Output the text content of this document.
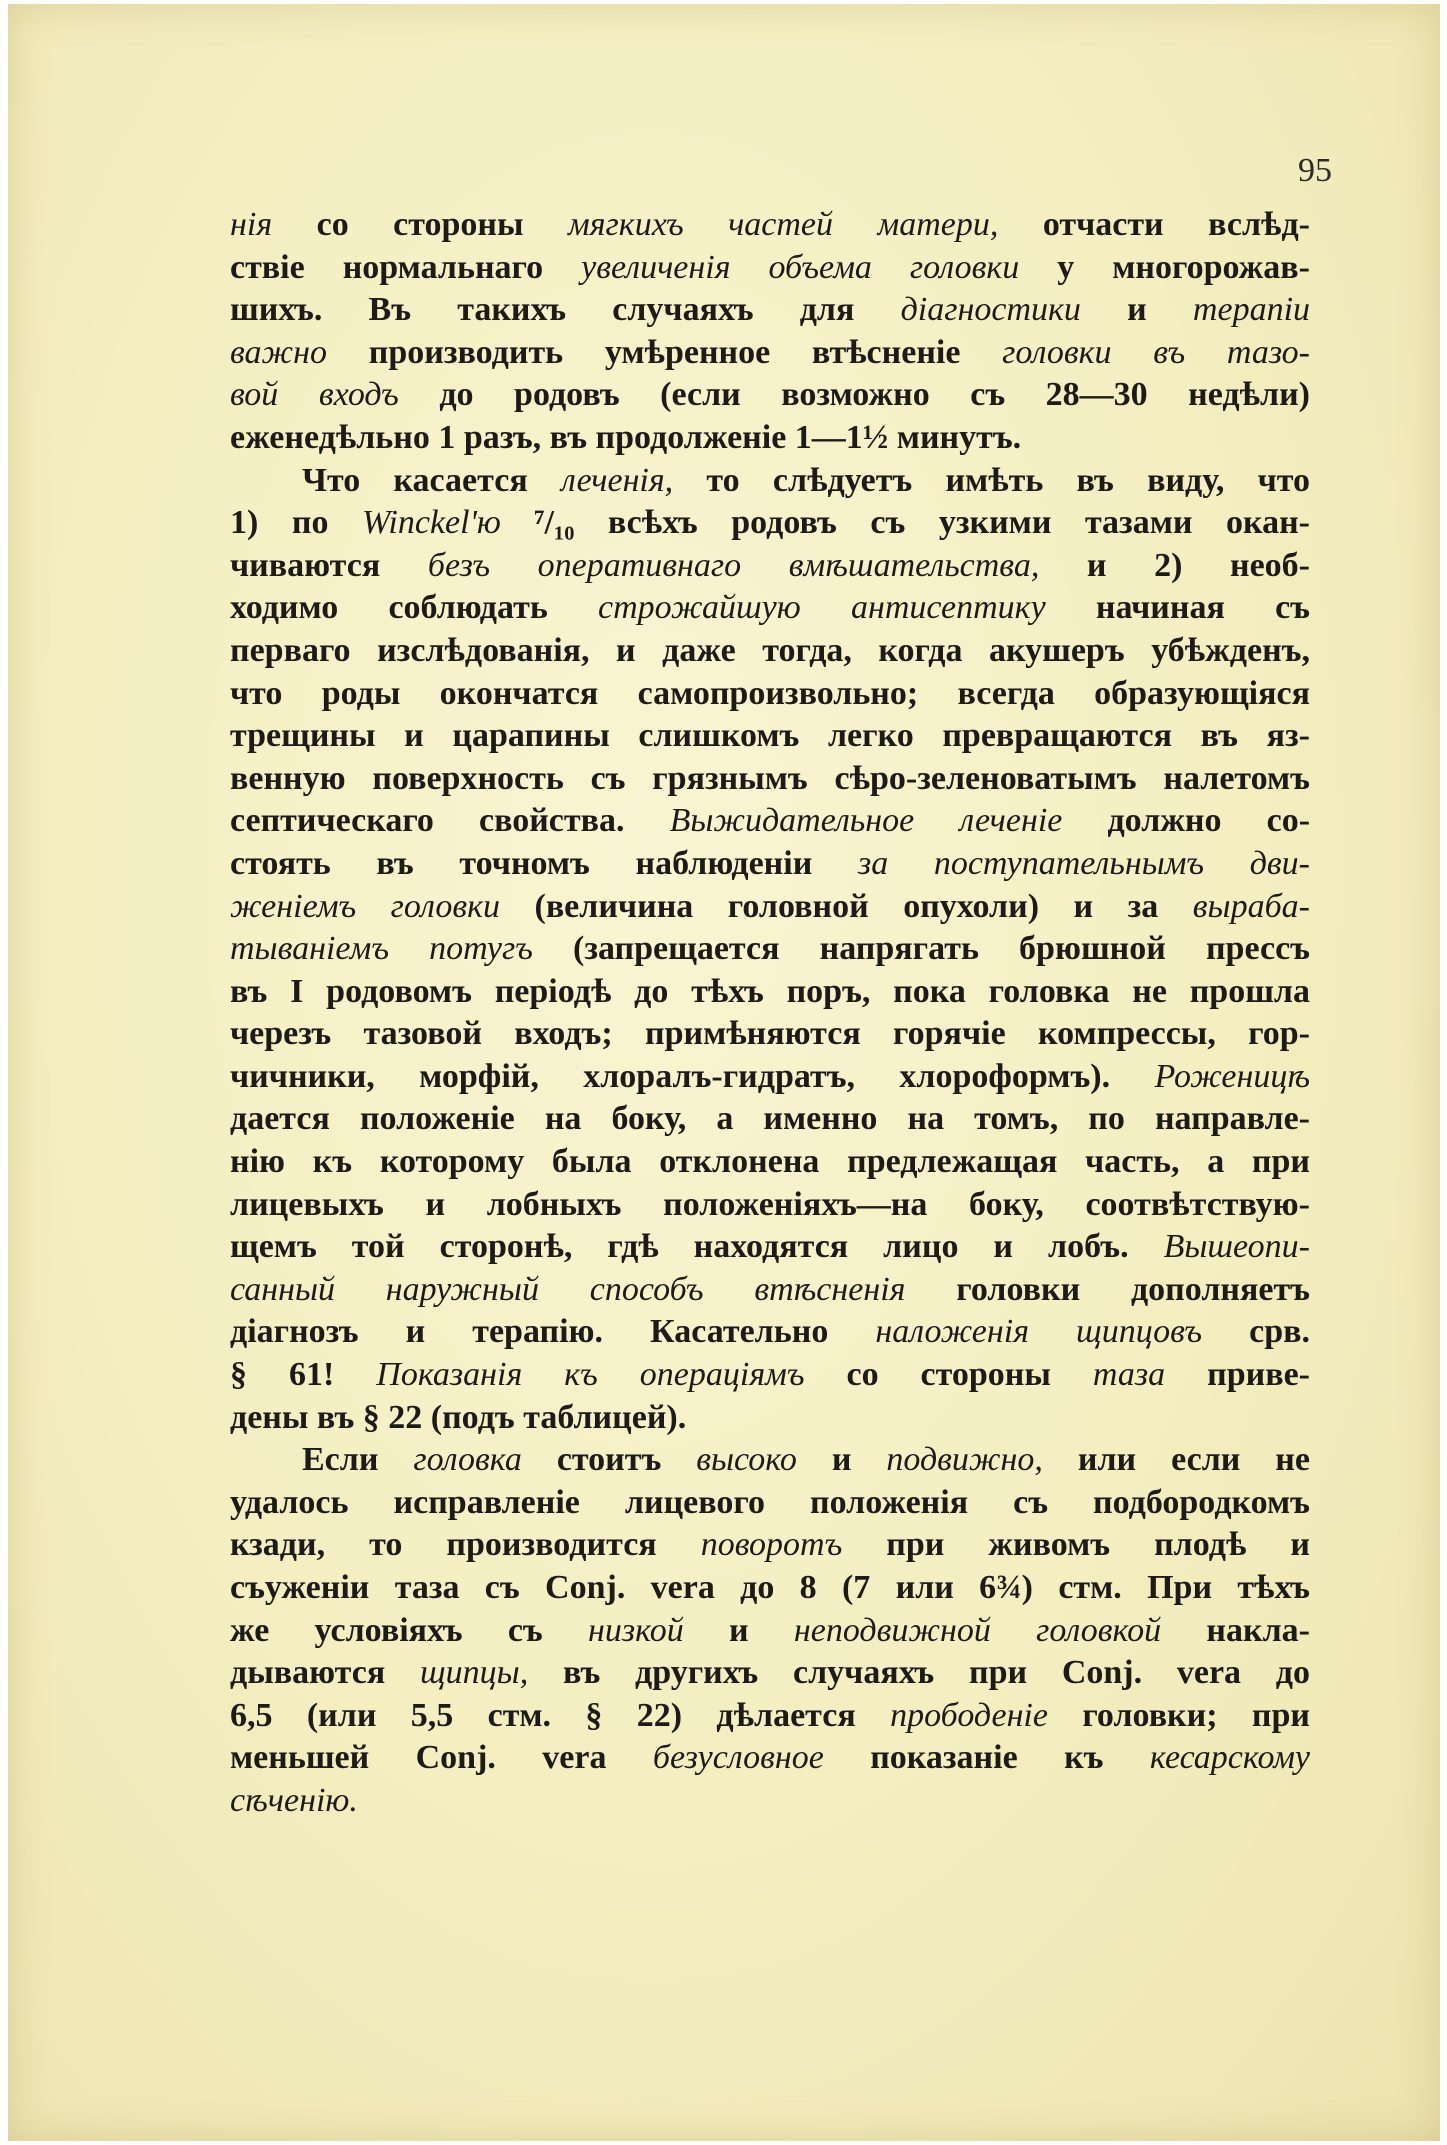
95
нія со стороны мягкихъ частей матери, отчасти вслѣд-
ствіе нормальнаго увеличенія объема головки у многорожав-
шихъ. Въ такихъ случаяхъ для діагностики и терапіи
важно производить умѣренное втѣсненіе головки въ тазо-
вой входъ до родовъ (если возможно съ 28—30 недѣли)
еженедѣльно 1 разъ, въ продолженіе 1—1½ минутъ.
Что касается леченія, то слѣдуетъ имѣть въ виду, что
1) по Winckel'ю ⁷/₁₀ всѣхъ родовъ съ узкими тазами окан-
чиваются безъ оперативнаго вмѣшательства, и 2) необ-
ходимо соблюдать строжайшую антисептику начиная съ
перваго изслѣдованія, и даже тогда, когда акушеръ убѣжденъ,
что роды окончатся самопроизвольно; всегда образующіяся
трещины и царапины слишкомъ легко превращаются въ яз-
венную поверхность съ грязнымъ сѣро-зеленоватымъ налетомъ
септическаго свойства. Выжидательное леченіе должно со-
стоять въ точномъ наблюденіи за поступательнымъ дви-
женіемъ головки (величина головной опухоли) и за выраба-
тываніемъ потугъ (запрещается напрягать брюшной прессъ
въ I родовомъ періодѣ до тѣхъ поръ, пока головка не прошла
черезъ тазовой входъ; примѣняются горячіе компрессы, гор-
чичники, морфій, хлоралъ-гидратъ, хлороформъ). Роженицѣ
дается положеніе на боку, а именно на томъ, по направле-
нію къ которому была отклонена предлежащая часть, а при
лицевыхъ и лобныхъ положеніяхъ—на боку, соотвѣтствую-
щемъ той сторонѣ, гдѣ находятся лицо и лобъ. Вышеопи-
санный наружный способъ втѣсненія головки дополняетъ
діагнозъ и терапію. Касательно наложенія щипцовъ срв.
§ 61! Показанія къ операціямъ со стороны таза приве-
дены въ § 22 (подъ таблицей).
Если головка стоитъ высоко и подвижно, или если не
удалось исправленіе лицевого положенія съ подбородкомъ
кзади, то производится поворотъ при живомъ плодѣ и
съуженіи таза съ Conj. vera до 8 (7 или 6¾) стм. При тѣхъ
же условіяхъ съ низкой и неподвижной головкой накла-
дываются щипцы, въ другихъ случаяхъ при Conj. vera до
6,5 (или 5,5 стм. § 22) дѣлается прободеніе головки; при
меньшей Conj. vera безусловное показаніе къ кесарскому
сѣченію.
